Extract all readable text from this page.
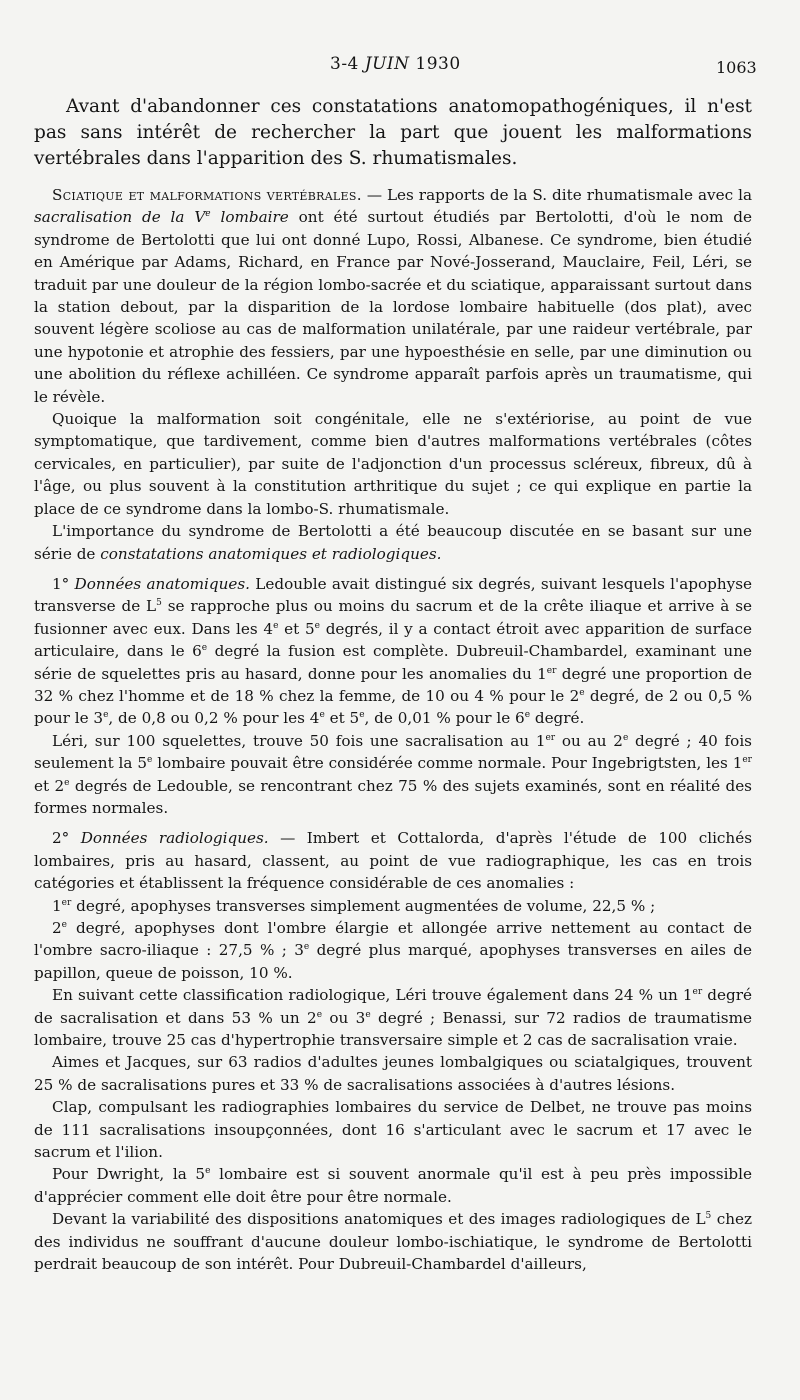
3-4 JUIN 1930	1063

Avant d'abandonner ces constatations anatomopathogéniques, il n'est pas sans intérêt de rechercher la part que jouent les malformations vertébrales dans l'apparition des S. rhumatismales.

Sciatique et malformations vertébrales. — Les rapports de la S. dite rhumatismale avec la sacralisation de la Ve lombaire ont été surtout étudiés par Bertolotti, d'où le nom de syndrome de Bertolotti que lui ont donné Lupo, Rossi, Albanese. Ce syndrome, bien étudié en Amérique par Adams, Richard, en France par Nové-Josserand, Mauclaire, Feil, Léri, se traduit par une douleur de la région lombo-sacrée et du sciatique, apparaissant surtout dans la station debout, par la disparition de la lordose lombaire habituelle (dos plat), avec souvent légère scoliose au cas de malformation unilatérale, par une raideur vertébrale, par une hypotonie et atrophie des fessiers, par une hypoesthésie en selle, par une diminution ou une abolition du réflexe achilléen. Ce syndrome apparaît parfois après un traumatisme, qui le révèle.

Quoique la malformation soit congénitale, elle ne s'extériorise, au point de vue symptomatique, que tardivement, comme bien d'autres malformations vertébrales (côtes cervicales, en particulier), par suite de l'adjonction d'un processus scléreux, fibreux, dû à l'âge, ou plus souvent à la constitution arthritique du sujet ; ce qui explique en partie la place de ce syndrome dans la lombo-S. rhumatismale.

L'importance du syndrome de Bertolotti a été beaucoup discutée en se basant sur une série de constatations anatomiques et radiologiques.

1° Données anatomiques. Ledouble avait distingué six degrés, suivant lesquels l'apophyse transverse de $L^5$ se rapproche plus ou moins du sacrum et de la crête iliaque et arrive à se fusionner avec eux. Dans les 4e et 5e degrés, il y a contact étroit avec apparition de surface articulaire, dans le 6e degré la fusion est complète. Dubreuil-Chambardel, examinant une série de squelettes pris au hasard, donne pour les anomalies du 1er degré une proportion de 32 % chez l'homme et de 18 % chez la femme, de 10 ou 4 % pour le 2e degré, de 2 ou 0,5 % pour le 3e, de 0,8 ou 0,2 % pour les 4e et 5e, de 0,01 % pour le 6e degré.

Léri, sur 100 squelettes, trouve 50 fois une sacralisation au 1er ou au 2e degré ; 40 fois seulement la 5e lombaire pouvait être considérée comme normale. Pour Ingebrigtsten, les 1er et 2e degrés de Ledouble, se rencontrant chez 75 % des sujets examinés, sont en réalité des formes normales.

2° Données radiologiques. — Imbert et Cottalorda, d'après l'étude de 100 clichés lombaires, pris au hasard, classent, au point de vue radiographique, les cas en trois catégories et établissent la fréquence considérable de ces anomalies :

1er degré, apophyses transverses simplement augmentées de volume, 22,5 % ;

2e degré, apophyses dont l'ombre élargie et allongée arrive nettement au contact de l'ombre sacro-iliaque : 27,5 % ; 3e degré plus marqué, apophyses transverses en ailes de papillon, queue de poisson, 10 %.

En suivant cette classification radiologique, Léri trouve également dans 24 % un 1er degré de sacralisation et dans 53 % un 2e ou 3e degré ; Benassi, sur 72 radios de traumatisme lombaire, trouve 25 cas d'hypertrophie transversaire simple et 2 cas de sacralisation vraie.

Aimes et Jacques, sur 63 radios d'adultes jeunes lombalgiques ou sciatalgiques, trouvent 25 % de sacralisations pures et 33 % de sacralisations associées à d'autres lésions.

Clap, compulsant les radiographies lombaires du service de Delbet, ne trouve pas moins de 111 sacralisations insoupçonnées, dont 16 s'articulant avec le sacrum et 17 avec le sacrum et l'ilion.

Pour Dwright, la 5e lombaire est si souvent anormale qu'il est à peu près impossible d'apprécier comment elle doit être pour être normale.

Devant la variabilité des dispositions anatomiques et des images radiologiques de $L^5$ chez des individus ne souffrant d'aucune douleur lombo-ischiatique, le syndrome de Bertolotti perdrait beaucoup de son intérêt. Pour Dubreuil-Chambardel d'ailleurs,
